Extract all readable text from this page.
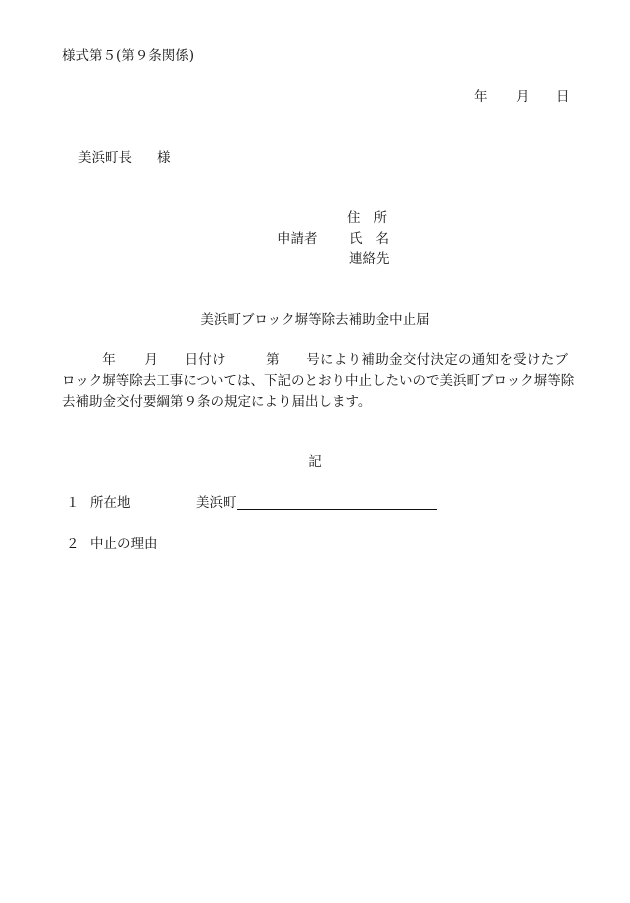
様式第５(第９条関係)
年 月 日
美浜町長 様
住所
申請者 氏名
連絡先
美浜町ブロック塀等除去補助金中止届
年 月 日付け	第 号により補助金交付決定の通知を受けたブ
ロック塀等除去工事については、下記のとおり中止したいので美浜町ブロック塀等除
去補助金交付要綱第９条の規定により届出します。
記
１ 所在地	美浜町
２ 中止の理由
